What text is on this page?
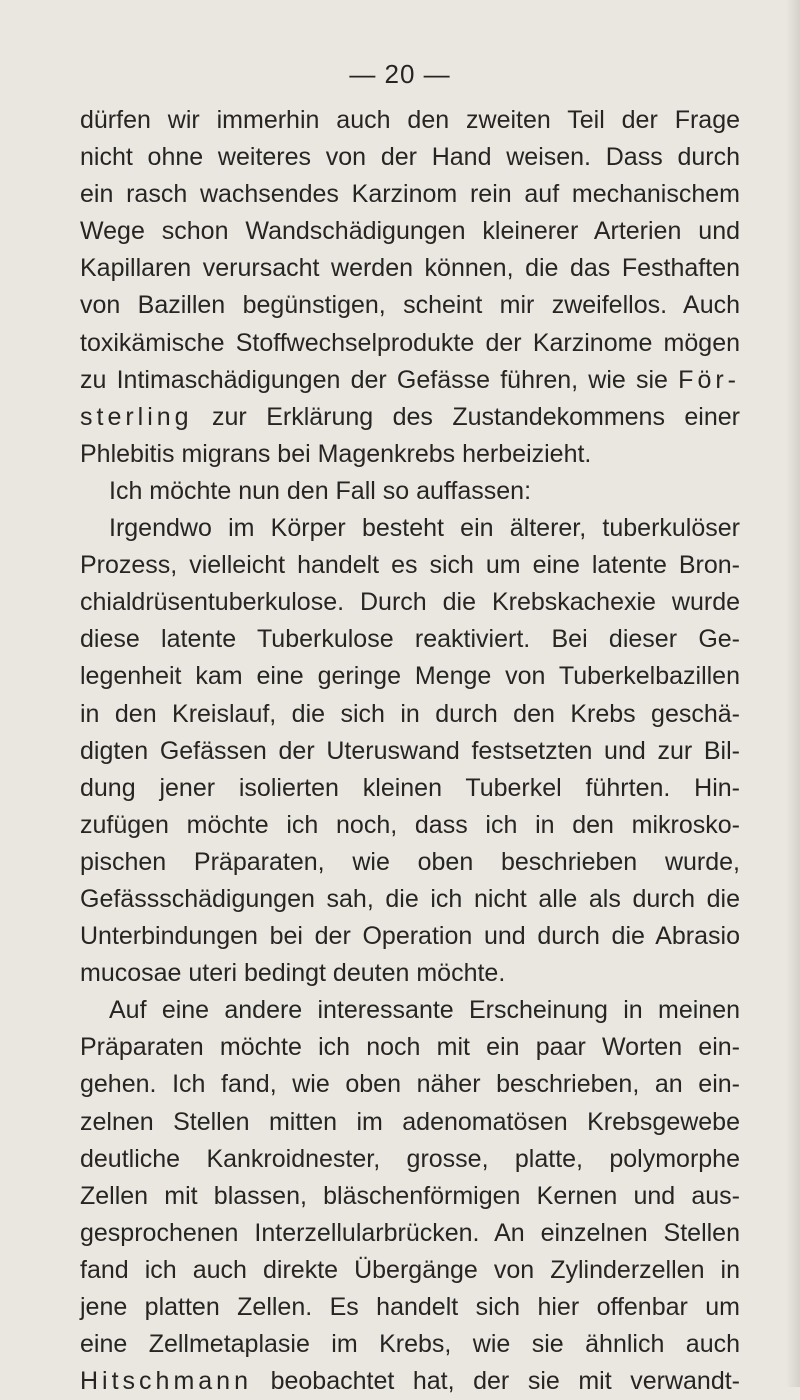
— 20 —
dürfen wir immerhin auch den zweiten Teil der Frage
nicht ohne weiteres von der Hand weisen. Dass durch
ein rasch wachsendes Karzinom rein auf mechanischem
Wege schon Wandschädigungen kleinerer Arterien und
Kapillaren verursacht werden können, die das Festhaften
von Bazillen begünstigen, scheint mir zweifellos. Auch
toxikämische Stoffwechselprodukte der Karzinome mögen
zu Intimaschädigungen der Gefässe führen, wie sie För-
sterling zur Erklärung des Zustandekommens einer
Phlebitis migrans bei Magenkrebs herbeizieht.
Ich möchte nun den Fall so auffassen:
Irgendwo im Körper besteht ein älterer, tuberkulöser
Prozess, vielleicht handelt es sich um eine latente Bron-
chialdrüsentuberkulose. Durch die Krebskachexie wurde
diese latente Tuberkulose reaktiviert. Bei dieser Ge-
legenheit kam eine geringe Menge von Tuberkelbazillen
in den Kreislauf, die sich in durch den Krebs geschä-
digten Gefässen der Uteruswand festsetzten und zur Bil-
dung jener isolierten kleinen Tuberkel führten. Hin-
zufügen möchte ich noch, dass ich in den mikrosko-
pischen Präparaten, wie oben beschrieben wurde,
Gefässschädigungen sah, die ich nicht alle als durch die
Unterbindungen bei der Operation und durch die Abrasio
mucosae uteri bedingt deuten möchte.
Auf eine andere interessante Erscheinung in meinen
Präparaten möchte ich noch mit ein paar Worten ein-
gehen. Ich fand, wie oben näher beschrieben, an ein-
zelnen Stellen mitten im adenomatösen Krebsgewebe
deutliche Kankroidnester, grosse, platte, polymorphe
Zellen mit blassen, bläschenförmigen Kernen und aus-
gesprochenen Interzellularbrücken. An einzelnen Stellen
fand ich auch direkte Übergänge von Zylinderzellen in
jene platten Zellen. Es handelt sich hier offenbar um
eine Zellmetaplasie im Krebs, wie sie ähnlich auch
Hitschmann beobachtet hat, der sie mit verwandt-
